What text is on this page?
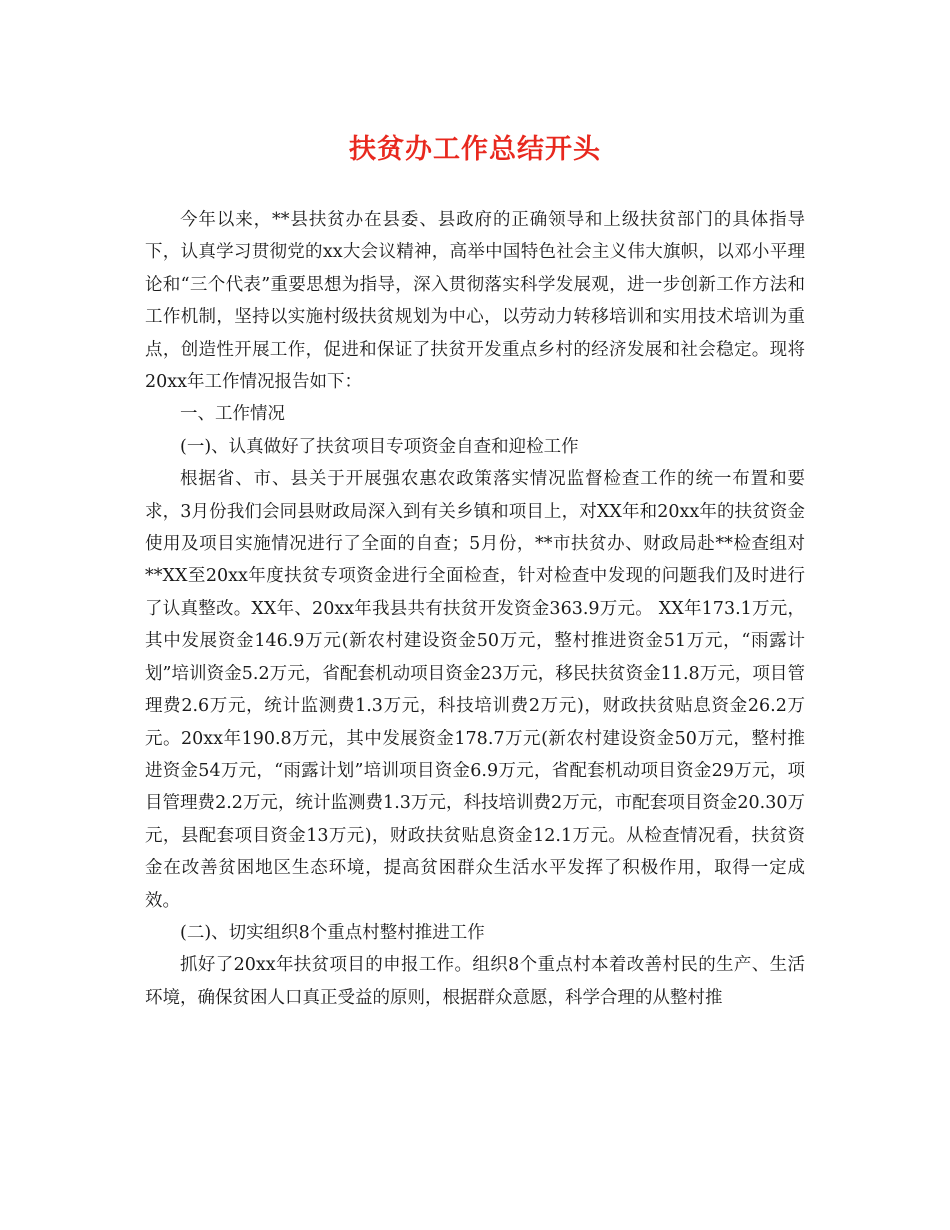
扶贫办工作总结开头

今年以来，**县扶贫办在县委、县政府的正确领导和上级扶贫部门的具体指导下，认真学习贯彻党的xx大会议精神，高举中国特色社会主义伟大旗帜，以邓小平理论和“三个代表”重要思想为指导，深入贯彻落实科学发展观，进一步创新工作方法和工作机制，坚持以实施村级扶贫规划为中心，以劳动力转移培训和实用技术培训为重点，创造性开展工作，促进和保证了扶贫开发重点乡村的经济发展和社会稳定。现将20xx年工作情况报告如下：

一、工作情况

(一)、认真做好了扶贫项目专项资金自查和迎检工作

根据省、市、县关于开展强农惠农政策落实情况监督检查工作的统一布置和要求，3月份我们会同县财政局深入到有关乡镇和项目上，对XX年和20xx年的扶贫资金使用及项目实施情况进行了全面的自查；5月份，**市扶贫办、财政局赴**检查组对**XX至20xx年度扶贫专项资金进行全面检查，针对检查中发现的问题我们及时进行了认真整改。XX年、20xx年我县共有扶贫开发资金363.9万元。 XX年173.1万元，其中发展资金146.9万元(新农村建设资金50万元，整村推进资金51万元，“雨露计划”培训资金5.2万元，省配套机动项目资金23万元，移民扶贫资金11.8万元，项目管理费2.6万元，统计监测费1.3万元，科技培训费2万元)，财政扶贫贴息资金26.2万元。20xx年190.8万元，其中发展资金178.7万元(新农村建设资金50万元，整村推进资金54万元，“雨露计划”培训项目资金6.9万元，省配套机动项目资金29万元，项目管理费2.2万元，统计监测费1.3万元，科技培训费2万元，市配套项目资金20.30万元，县配套项目资金13万元)，财政扶贫贴息资金12.1万元。从检查情况看，扶贫资金在改善贫困地区生态环境，提高贫困群众生活水平发挥了积极作用，取得一定成效。

(二)、切实组织8个重点村整村推进工作

抓好了20xx年扶贫项目的申报工作。组织8个重点村本着改善村民的生产、生活环境，确保贫困人口真正受益的原则，根据群众意愿，科学合理的从整村推
